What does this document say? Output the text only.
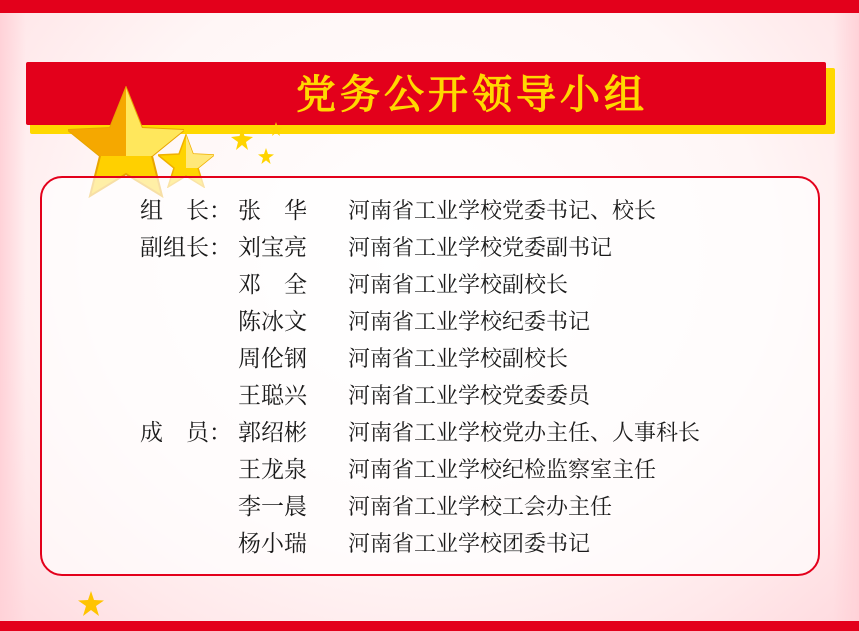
党务公开领导小组
组　长： 张　华	河南省工业学校党委书记、校长
副组长： 刘宝亮	河南省工业学校党委副书记
邓　全	河南省工业学校副校长
陈冰文	河南省工业学校纪委书记
周伦钢	河南省工业学校副校长
王聪兴	河南省工业学校党委委员
成　员： 郭绍彬	河南省工业学校党办主任、人事科长
王龙泉	河南省工业学校纪检监察室主任
李一晨	河南省工业学校工会办主任
杨小瑞	河南省工业学校团委书记
